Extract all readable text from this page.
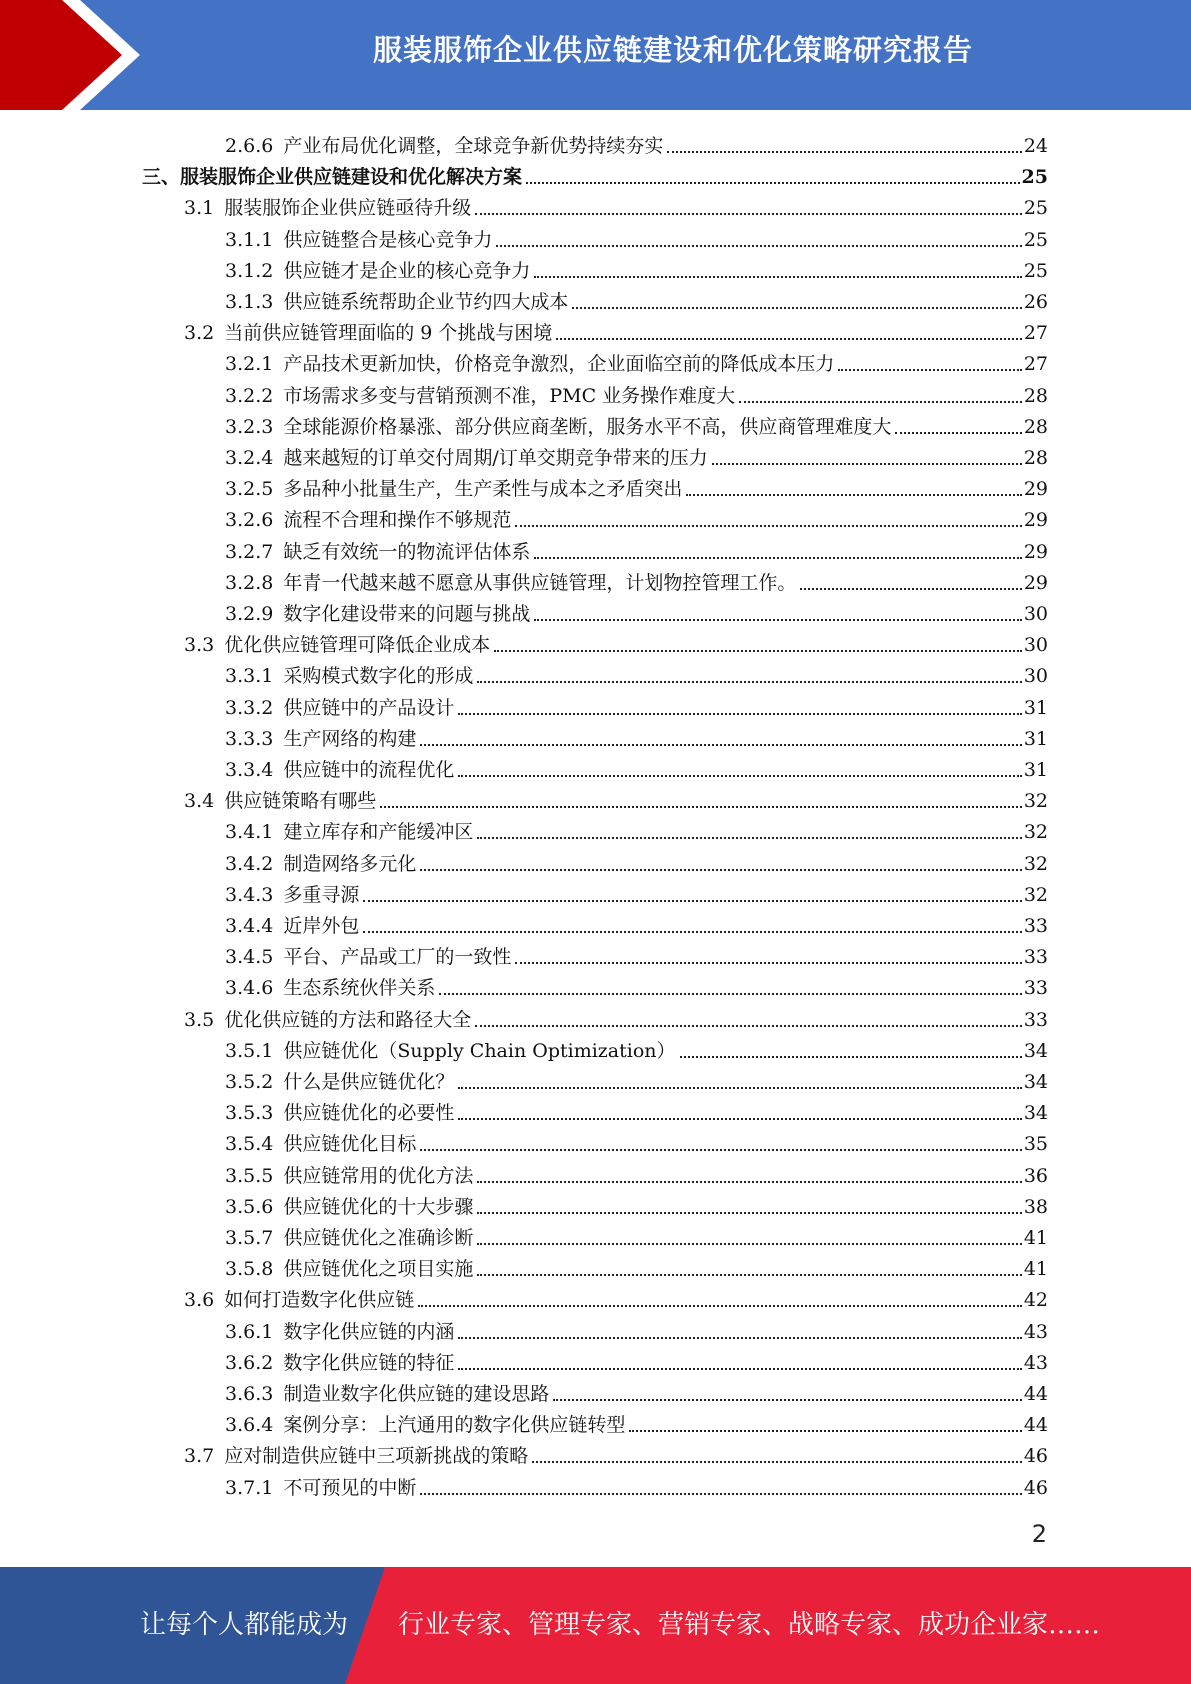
服装服饰企业供应链建设和优化策略研究报告
2.6.6 产业布局优化调整，全球竞争新优势持续夯实	24
三、服装服饰企业供应链建设和优化解决方案	25
3.1 服装服饰企业供应链亟待升级	25
3.1.1 供应链整合是核心竞争力	25
3.1.2 供应链才是企业的核心竞争力	25
3.1.3 供应链系统帮助企业节约四大成本	26
3.2 当前供应链管理面临的 9 个挑战与困境	27
3.2.1 产品技术更新加快，价格竞争激烈，企业面临空前的降低成本压力	27
3.2.2 市场需求多变与营销预测不准，PMC 业务操作难度大	28
3.2.3 全球能源价格暴涨、部分供应商垄断，服务水平不高，供应商管理难度大	28
3.2.4 越来越短的订单交付周期/订单交期竞争带来的压力	28
3.2.5 多品种小批量生产，生产柔性与成本之矛盾突出	29
3.2.6 流程不合理和操作不够规范	29
3.2.7 缺乏有效统一的物流评估体系	29
3.2.8 年青一代越来越不愿意从事供应链管理，计划物控管理工作。	29
3.2.9 数字化建设带来的问题与挑战	30
3.3 优化供应链管理可降低企业成本	30
3.3.1 采购模式数字化的形成	30
3.3.2 供应链中的产品设计	31
3.3.3 生产网络的构建	31
3.3.4 供应链中的流程优化	31
3.4 供应链策略有哪些	32
3.4.1 建立库存和产能缓冲区	32
3.4.2 制造网络多元化	32
3.4.3 多重寻源	32
3.4.4 近岸外包	33
3.4.5 平台、产品或工厂的一致性	33
3.4.6 生态系统伙伴关系	33
3.5 优化供应链的方法和路径大全	33
3.5.1 供应链优化（Supply Chain Optimization）	34
3.5.2 什么是供应链优化？	34
3.5.3 供应链优化的必要性	34
3.5.4 供应链优化目标	35
3.5.5 供应链常用的优化方法	36
3.5.6 供应链优化的十大步骤	38
3.5.7 供应链优化之准确诊断	41
3.5.8 供应链优化之项目实施	41
3.6 如何打造数字化供应链	42
3.6.1 数字化供应链的内涵	43
3.6.2 数字化供应链的特征	43
3.6.3 制造业数字化供应链的建设思路	44
3.6.4 案例分享：上汽通用的数字化供应链转型	44
3.7 应对制造供应链中三项新挑战的策略	46
3.7.1 不可预见的中断	46
2
让每个人都能成为 行业专家、管理专家、营销专家、战略专家、成功企业家……
